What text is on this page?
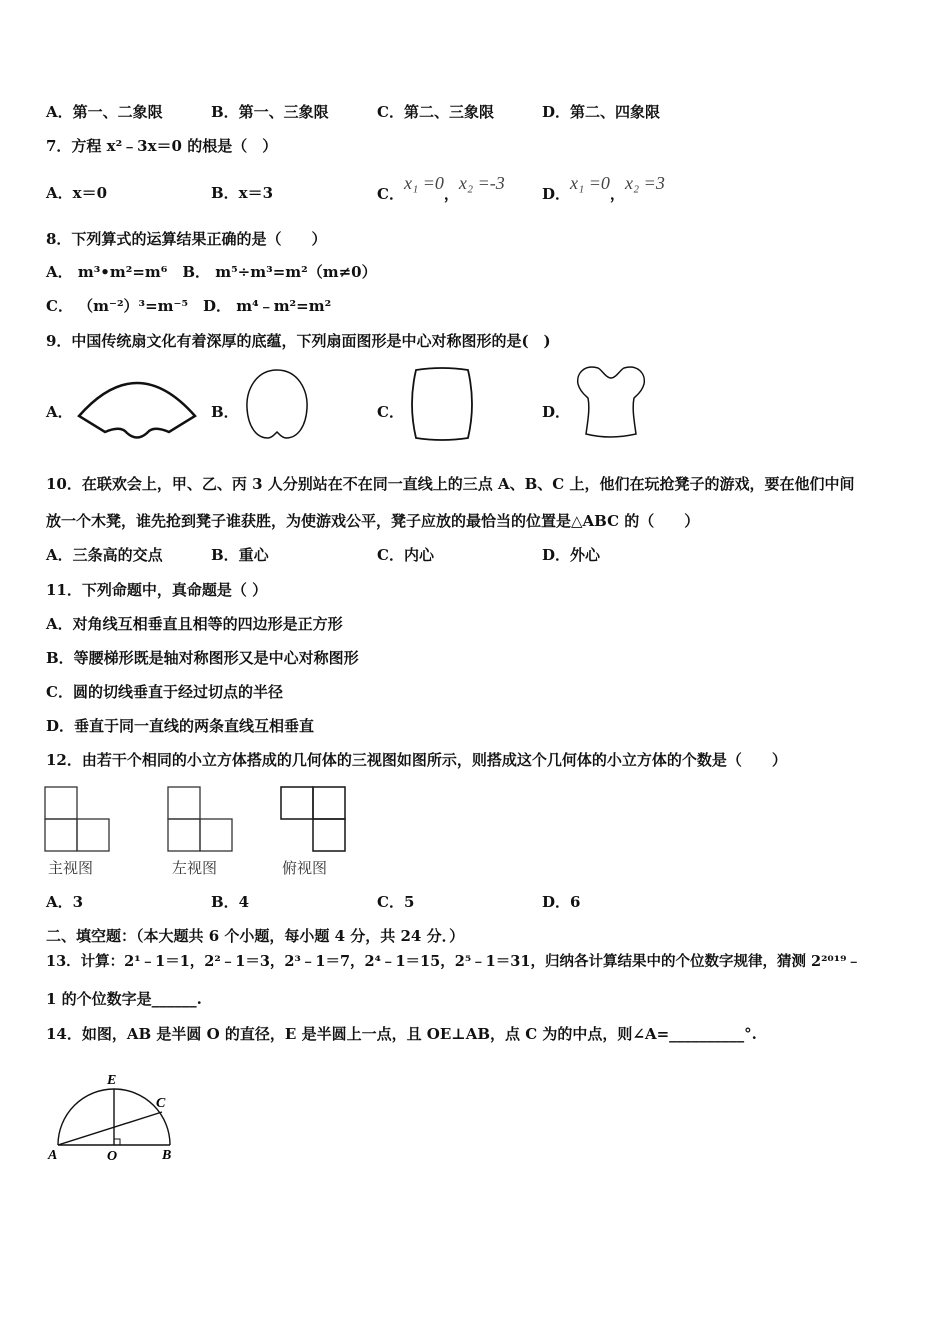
A．第一、二象限	B．第一、三象限	C．第二、三象限	D．第二、四象限
7．方程 x²﹣3x＝0 的根是（　）
A．x＝0	B．x＝3	C．x₁ =0，x₂ =-3
D．x₁ =0，x₂ =3
8．下列算式的运算结果正确的是（　　）
A． m³•m²=m⁶　B． m⁵÷m³=m²（m≠0）
C． （m⁻²）³=m⁻⁵　D． m⁴﹣m²=m²
9．中国传统扇文化有着深厚的底蕴，下列扇面图形是中心对称图形的是(　)
A．	B．	C．	D．
10．在联欢会上，甲、乙、丙 3 人分别站在不在同一直线上的三点 A、B、C 上，他们在玩抢凳子的游戏，要在他们中间
放一个木凳，谁先抢到凳子谁获胜，为使游戏公平，凳子应放的最恰当的位置是△ABC 的（　　）
A．三条高的交点	B．重心	C．内心	D．外心
11．下列命题中，真命题是（ ）
A．对角线互相垂直且相等的四边形是正方形
B．等腰梯形既是轴对称图形又是中心对称图形
C．圆的切线垂直于经过切点的半径
D．垂直于同一直线的两条直线互相垂直
12．由若干个相同的小立方体搭成的几何体的三视图如图所示，则搭成这个几何体的小立方体的个数是（　　）
主视图	左视图	俯视图
A．3	B．4	C．5	D．6
二、填空题：（本大题共 6 个小题，每小题 4 分，共 24 分．）
13．计算：2¹﹣1＝1，2²﹣1＝3，2³﹣1＝7，2⁴﹣1＝15，2⁵﹣1＝31，归纳各计算结果中的个位数字规律，猜测 2²⁰¹⁹﹣
1 的个位数字是______.
14．如图，AB 是半圆 O 的直径，E 是半圆上一点，且 OE⊥AB，点 C 为的中点，则∠A=__________°.
E
C
A	O	B
